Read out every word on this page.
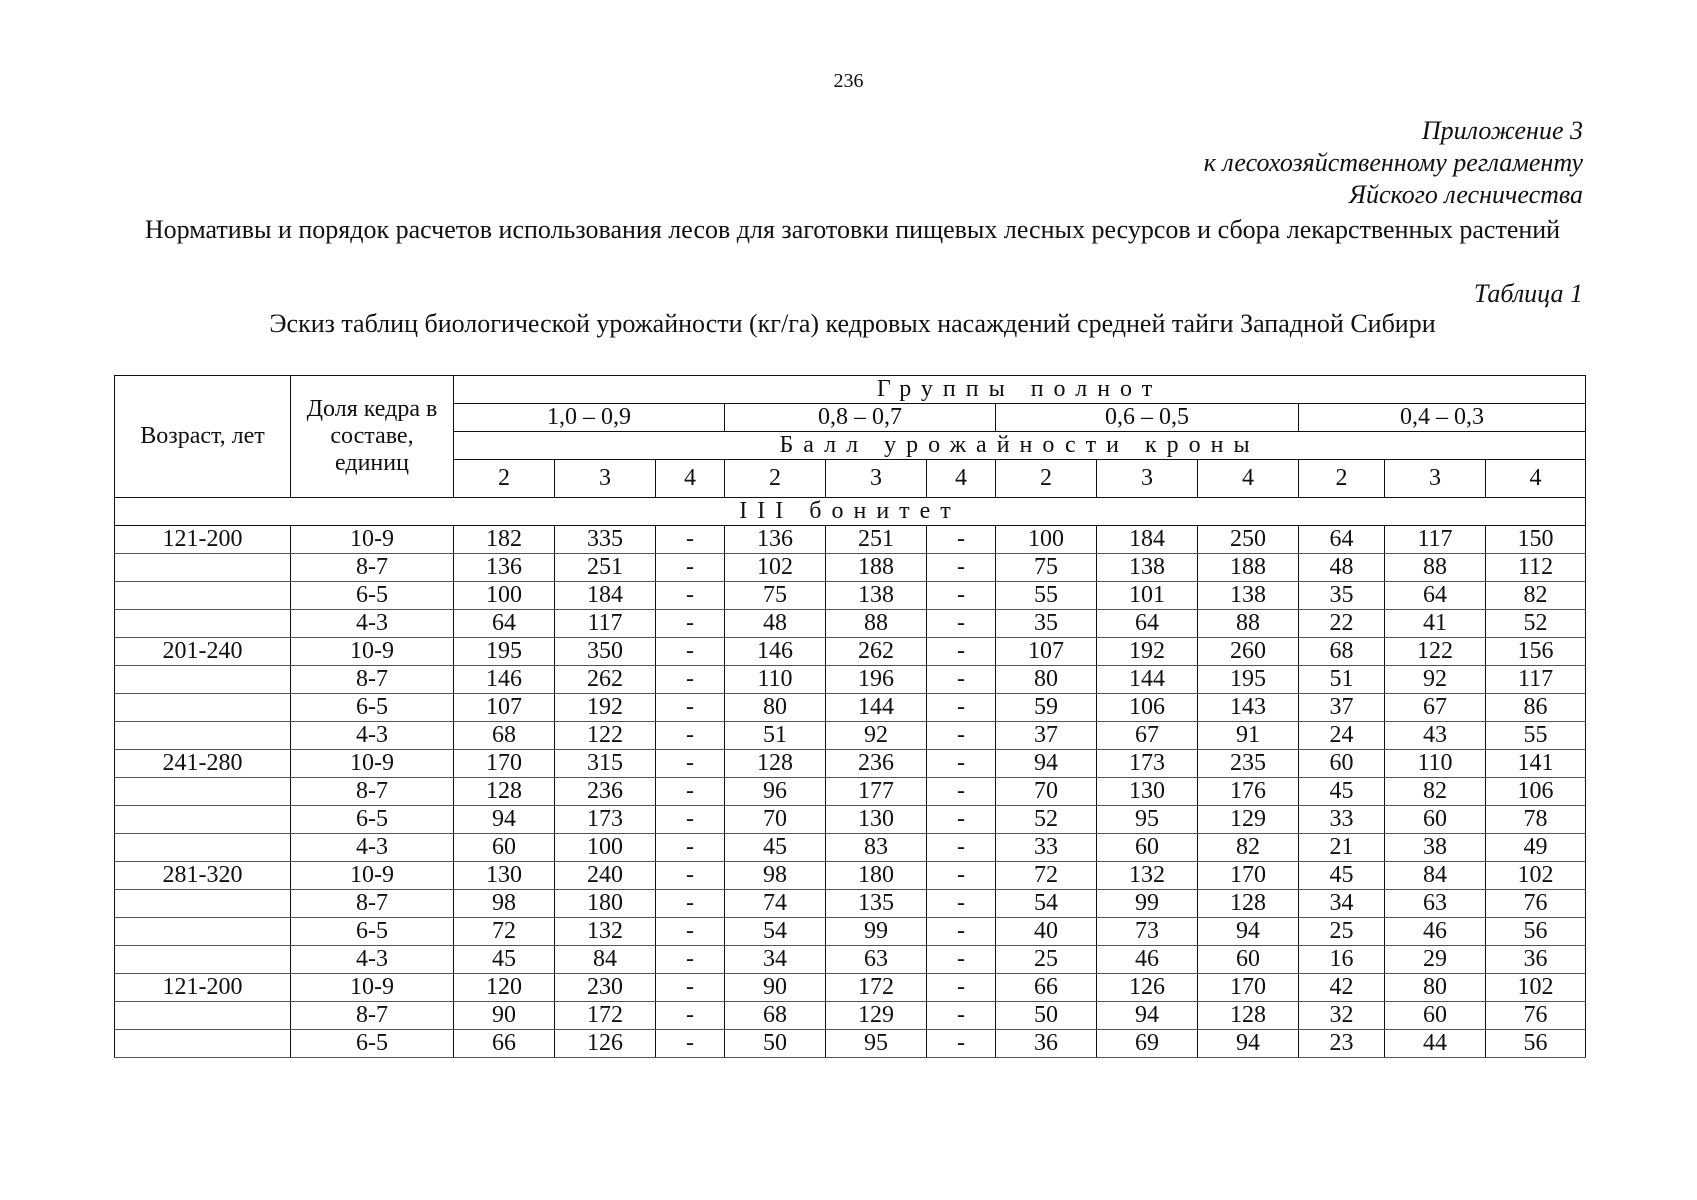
236
Приложение 3
к лесохозяйственному регламенту
Яйского лесничества
Нормативы и порядок расчетов использования лесов для заготовки пищевых лесных ресурсов и сбора лекарственных растений
Таблица 1
Эскиз таблиц биологической урожайности (кг/га) кедровых насаждений средней тайги Западной Сибири
Возраст, лет	Доля кедра в составе, единиц	Группы полнот											
		1,0 – 0,9			0,8 – 0,7			0,6 – 0,5			0,4 – 0,3		
		Балл урожайности кроны											
		2	3	4	2	3	4	2	3	4	2	3	4
III бонитет													
121-200	10-9	182	335	-	136	251	-	100	184	250	64	117	150
	8-7	136	251	-	102	188	-	75	138	188	48	88	112
	6-5	100	184	-	75	138	-	55	101	138	35	64	82
	4-3	64	117	-	48	88	-	35	64	88	22	41	52
201-240	10-9	195	350	-	146	262	-	107	192	260	68	122	156
	8-7	146	262	-	110	196	-	80	144	195	51	92	117
	6-5	107	192	-	80	144	-	59	106	143	37	67	86
	4-3	68	122	-	51	92	-	37	67	91	24	43	55
241-280	10-9	170	315	-	128	236	-	94	173	235	60	110	141
	8-7	128	236	-	96	177	-	70	130	176	45	82	106
	6-5	94	173	-	70	130	-	52	95	129	33	60	78
	4-3	60	100	-	45	83	-	33	60	82	21	38	49
281-320	10-9	130	240	-	98	180	-	72	132	170	45	84	102
	8-7	98	180	-	74	135	-	54	99	128	34	63	76
	6-5	72	132	-	54	99	-	40	73	94	25	46	56
	4-3	45	84	-	34	63	-	25	46	60	16	29	36
121-200	10-9	120	230	-	90	172	-	66	126	170	42	80	102
	8-7	90	172	-	68	129	-	50	94	128	32	60	76
	6-5	66	126	-	50	95	-	36	69	94	23	44	56
